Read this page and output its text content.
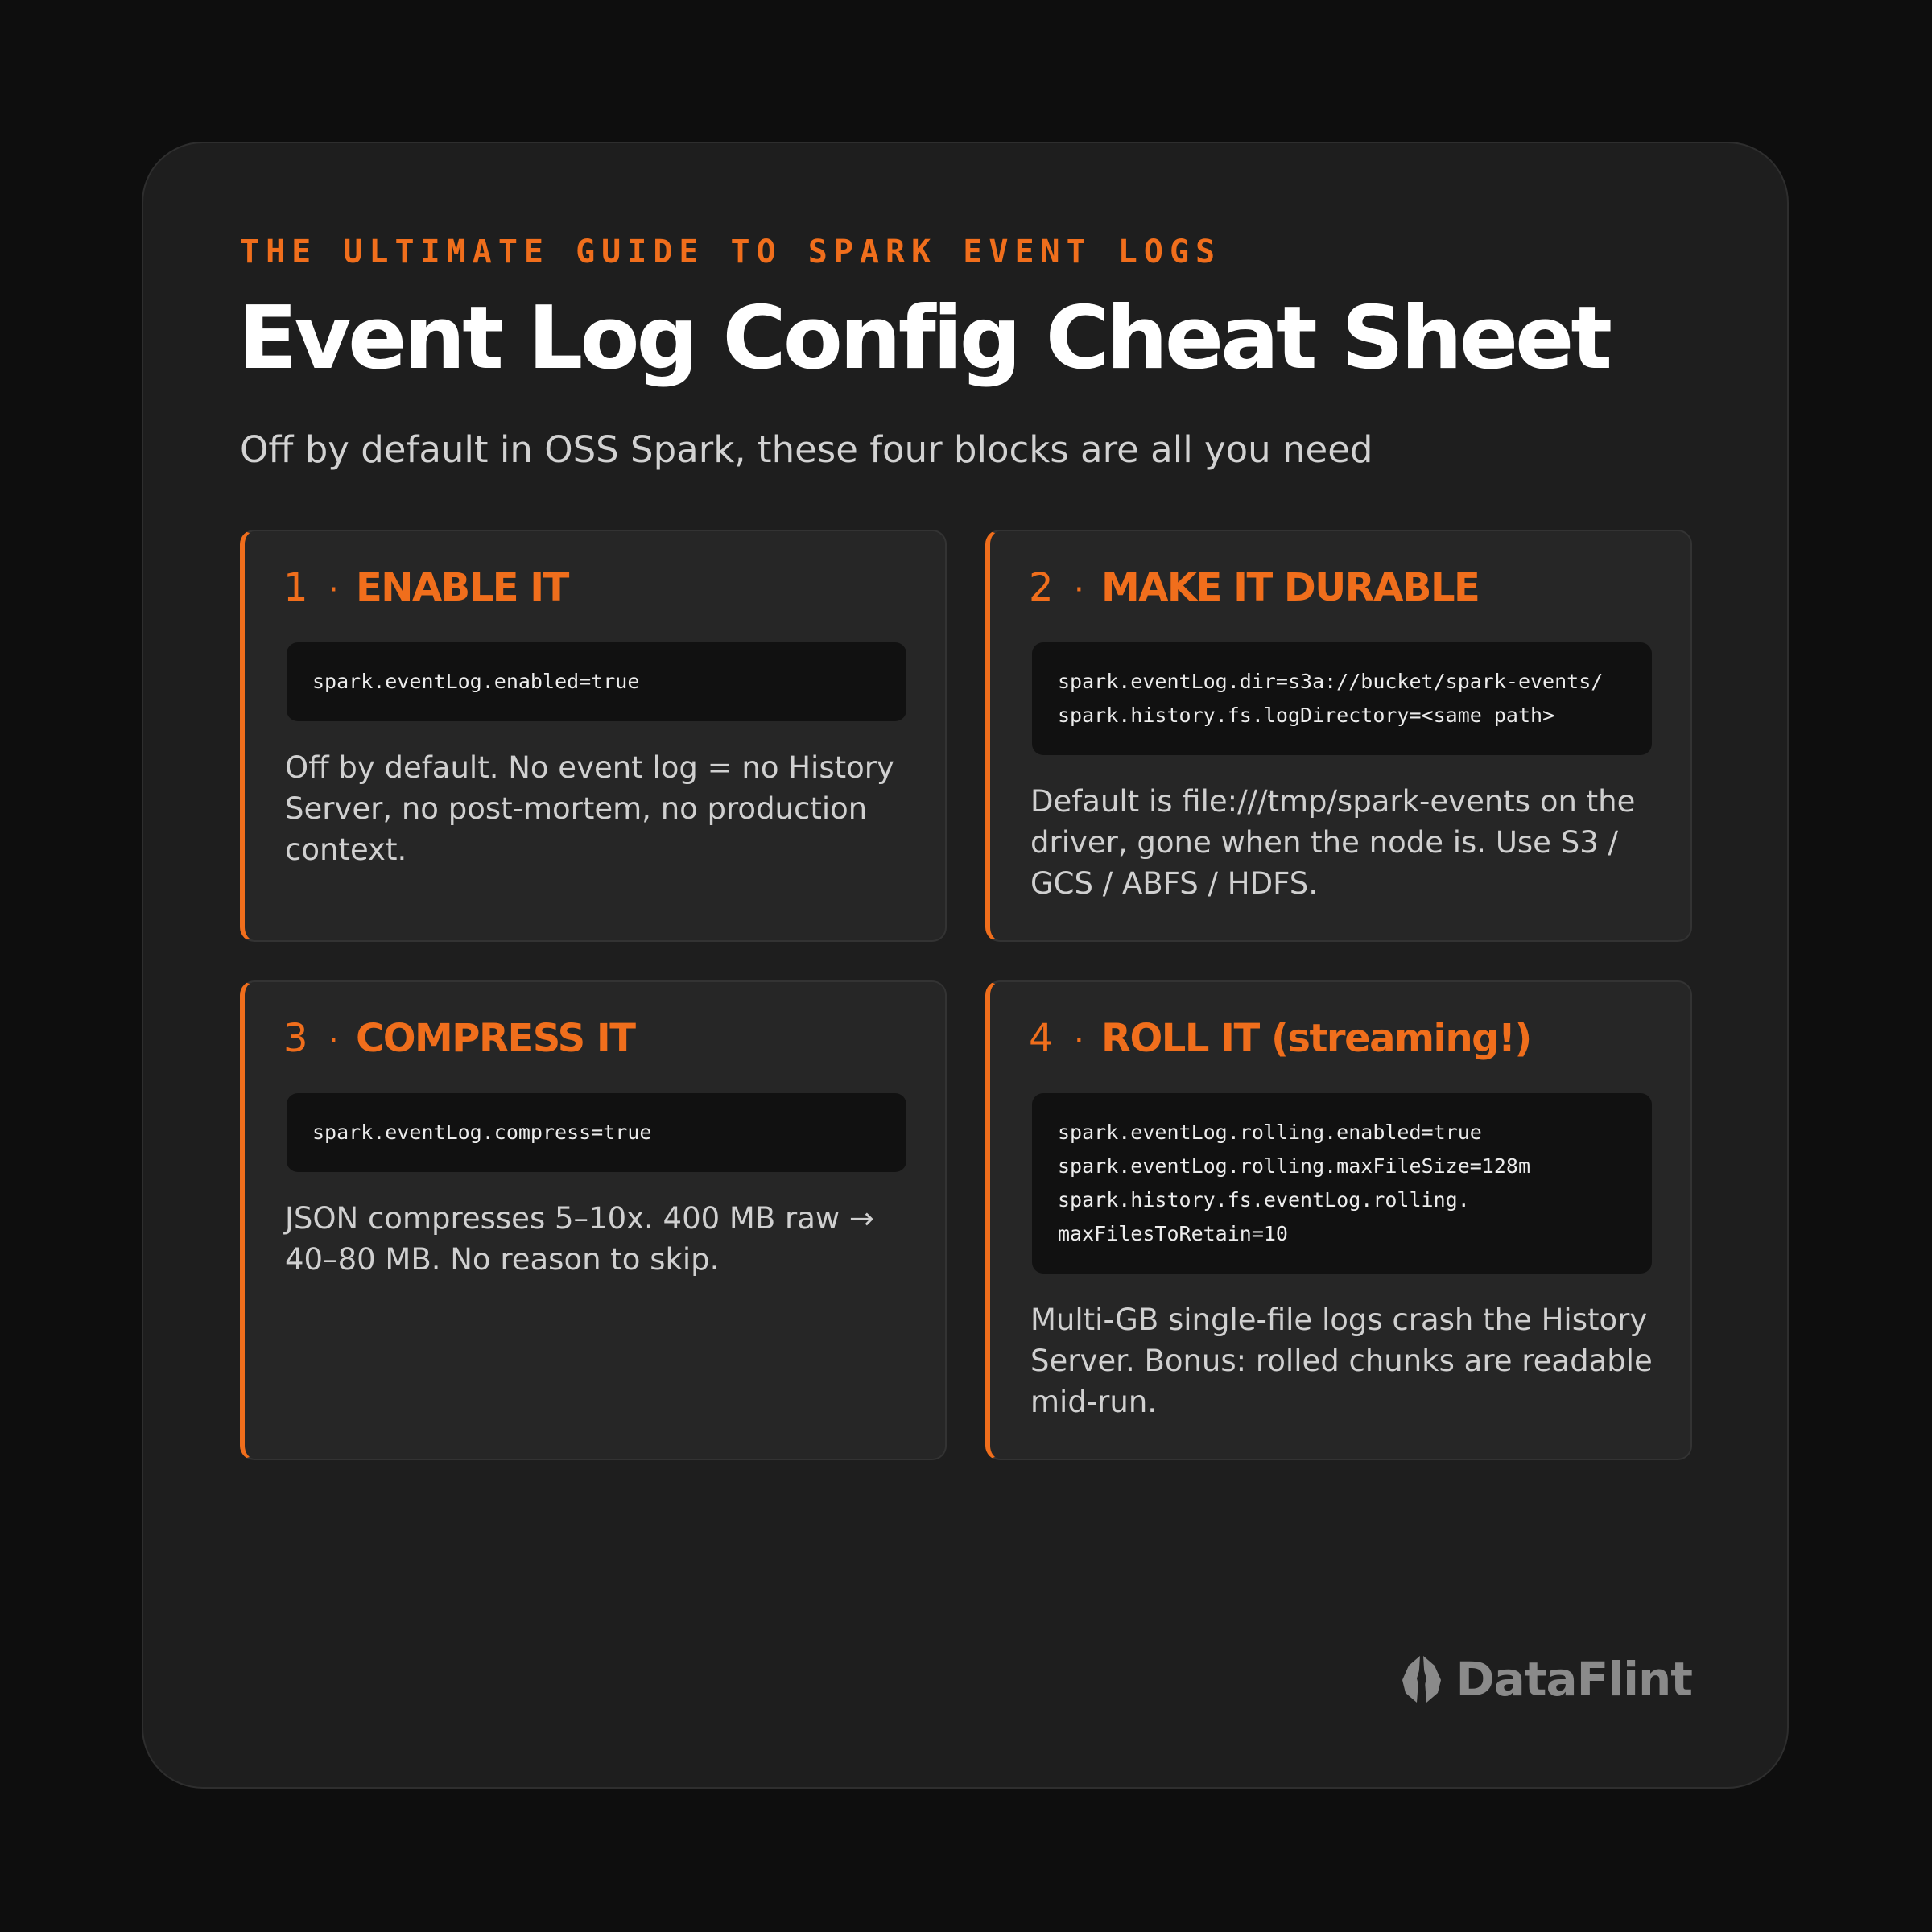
THE ULTIMATE GUIDE TO SPARK EVENT LOGS
Event Log Config Cheat Sheet
Off by default in OSS Spark, these four blocks are all you need
1 · ENABLE IT
spark.eventLog.enabled=true
Off by default. No event log = no History Server, no post-mortem, no production context.
2 · MAKE IT DURABLE
spark.eventLog.dir=s3a://bucket/spark-events/
spark.history.fs.logDirectory=<same path>
Default is file:///tmp/spark-events on the driver, gone when the node is. Use S3 / GCS / ABFS / HDFS.
3 · COMPRESS IT
spark.eventLog.compress=true
JSON compresses 5–10x. 400 MB raw → 40–80 MB. No reason to skip.
4 · ROLL IT (streaming!)
spark.eventLog.rolling.enabled=true
spark.eventLog.rolling.maxFileSize=128m
spark.history.fs.eventLog.rolling.
maxFilesToRetain=10
Multi-GB single-file logs crash the History Server. Bonus: rolled chunks are readable mid-run.
DataFlint
